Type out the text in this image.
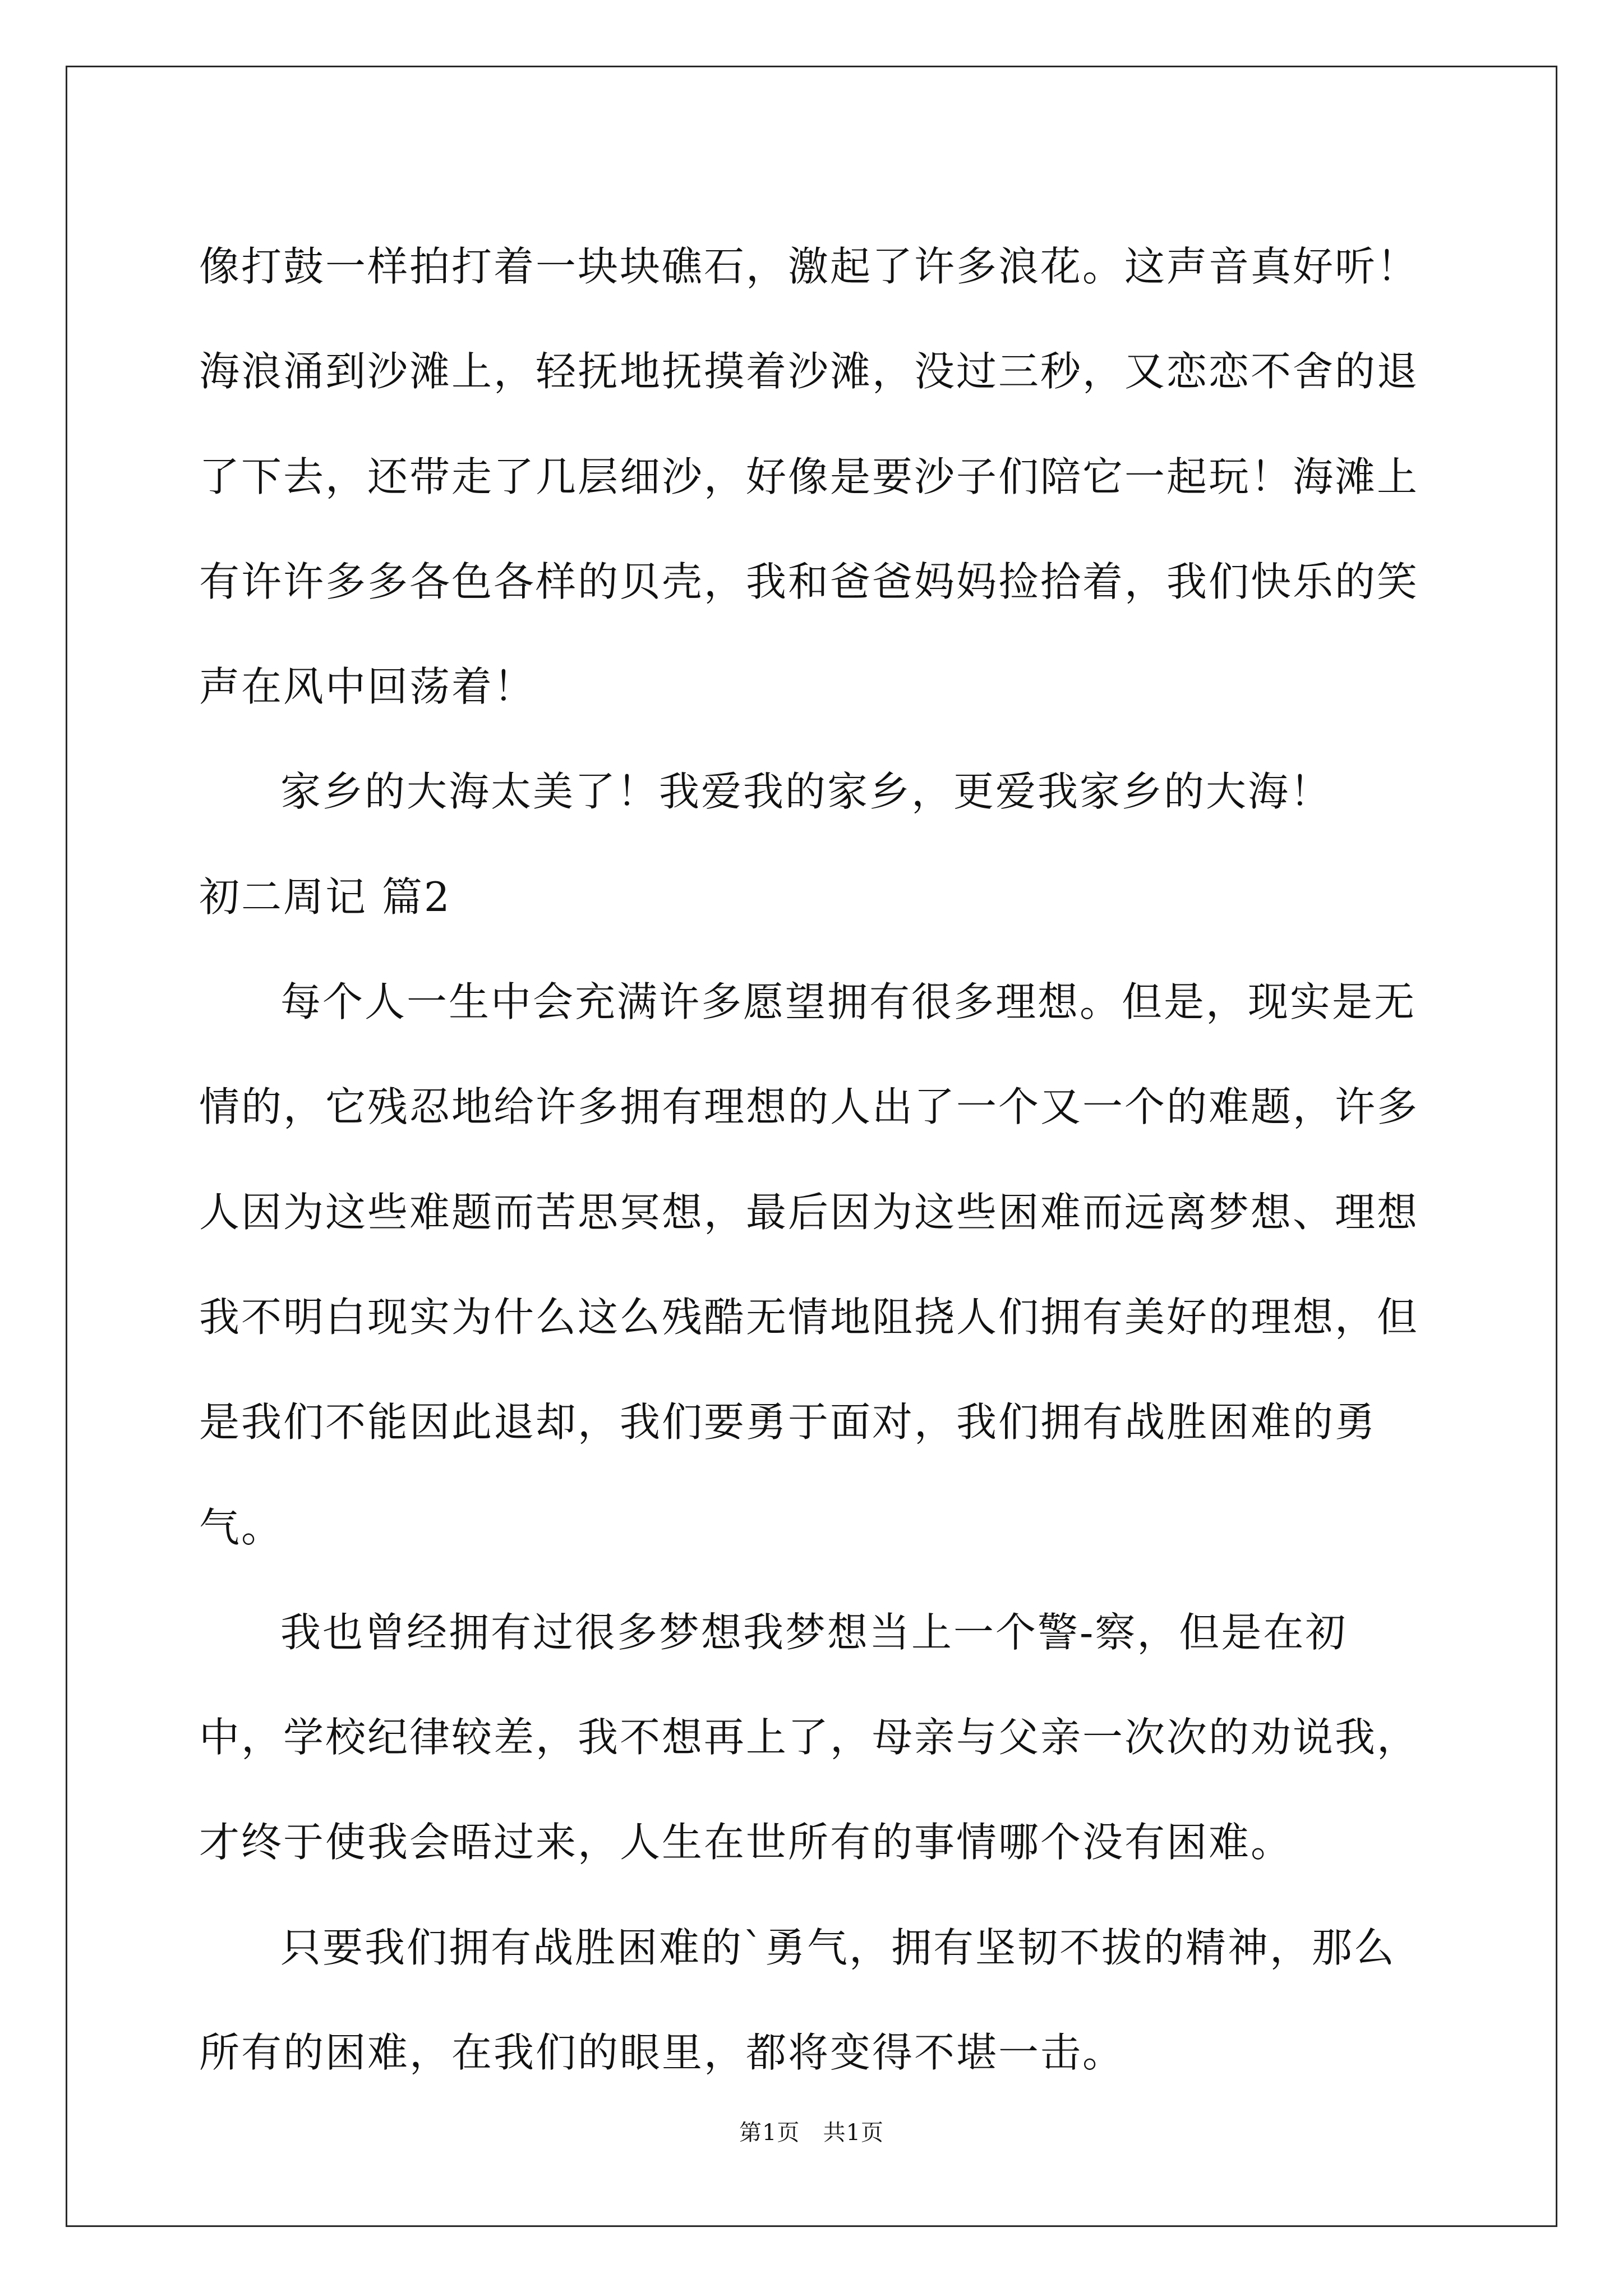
像打鼓一样拍打着一块块礁石，激起了许多浪花。这声音真好听！海浪涌到沙滩上，轻抚地抚摸着沙滩，没过三秒，又恋恋不舍的退了下去，还带走了几层细沙，好像是要沙子们陪它一起玩！海滩上有许许多多各色各样的贝壳，我和爸爸妈妈捡拾着，我们快乐的笑声在风中回荡着！

家乡的大海太美了！我爱我的家乡，更爱我家乡的大海！

初二周记 篇2

每个人一生中会充满许多愿望拥有很多理想。但是，现实是无情的，它残忍地给许多拥有理想的人出了一个又一个的难题，许多人因为这些难题而苦思冥想，最后因为这些困难而远离梦想、理想我不明白现实为什么这么残酷无情地阻挠人们拥有美好的理想，但是我们不能因此退却，我们要勇于面对，我们拥有战胜困难的勇气。

我也曾经拥有过很多梦想我梦想当上一个警-察，但是在初中，学校纪律较差，我不想再上了，母亲与父亲一次次的劝说我，才终于使我会晤过来，人生在世所有的事情哪个没有困难。

只要我们拥有战胜困难的`勇气，拥有坚韧不拔的精神，那么所有的困难，在我们的眼里，都将变得不堪一击。

第1页 共1页
